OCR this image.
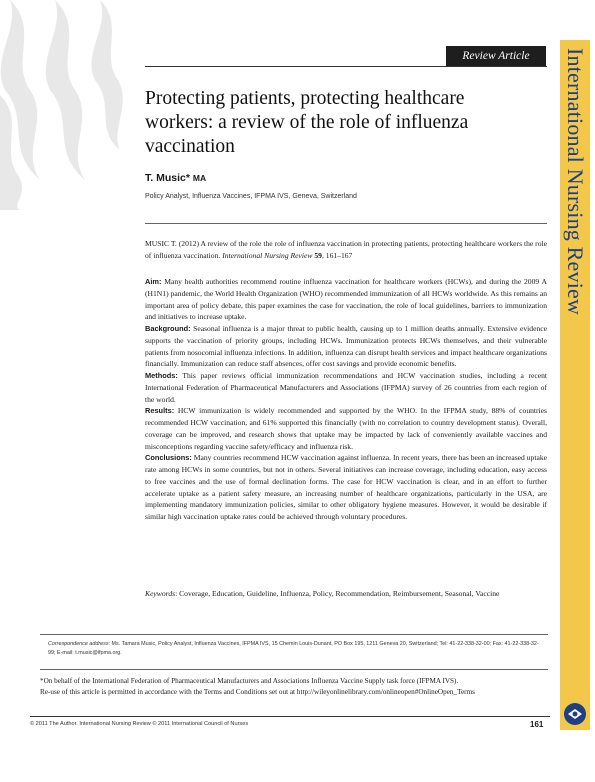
International Nursing Review
Review Article
Protecting patients, protecting healthcare workers: a review of the role of influenza vaccination
T. Music* MA
Policy Analyst, Influenza Vaccines, IFPMA IVS, Geneva, Switzerland
MUSIC T. (2012) A review of the role the role of influenza vaccination in protecting patients, protecting healthcare workers the role of influenza vaccination. International Nursing Review 59, 161–167

Aim: Many health authorities recommend routine influenza vaccination for healthcare workers (HCWs), and during the 2009 A (H1N1) pandemic, the World Health Organization (WHO) recommended immunization of all HCWs worldwide. As this remains an important area of policy debate, this paper examines the case for vaccination, the role of local guidelines, barriers to immunization and initiatives to increase uptake.

Background: Seasonal influenza is a major threat to public health, causing up to 1 million deaths annually. Extensive evidence supports the vaccination of priority groups, including HCWs. Immunization protects HCWs themselves, and their vulnerable patients from nosocomial influenza infections. In addition, influenza can disrupt health services and impact healthcare organizations financially. Immunization can reduce staff absences, offer cost savings and provide economic benefits.

Methods: This paper reviews official immunization recommendations and HCW vaccination studies, including a recent International Federation of Pharmaceutical Manufacturers and Associations (IFPMA) survey of 26 countries from each region of the world.

Results: HCW immunization is widely recommended and supported by the WHO. In the IFPMA study, 88% of countries recommended HCW vaccination, and 61% supported this financially (with no correlation to country development status). Overall, coverage can be improved, and research shows that uptake may be impacted by lack of conveniently available vaccines and misconceptions regarding vaccine safety/efficacy and influenza risk.

Conclusions: Many countries recommend HCW vaccination against influenza. In recent years, there has been an increased uptake rate among HCWs in some countries, but not in others. Several initiatives can increase coverage, including education, easy access to free vaccines and the use of formal declination forms. The case for HCW vaccination is clear, and in an effort to further accelerate uptake as a patient safety measure, an increasing number of healthcare organizations, particularly in the USA, are implementing mandatory immunization policies, similar to other obligatory hygiene measures. However, it would be desirable if similar high vaccination uptake rates could be achieved through voluntary procedures.

Keywords: Coverage, Education, Guideline, Influenza, Policy, Recommendation, Reimbursement, Seasonal, Vaccine
Correspondence address: Ms. Tamara Music, Policy Analyst, Influenza Vaccines, IFPMA IVS, 15 Chemin Louis-Dunant, PO Box 195, 1211 Geneva 20, Switzerland; Tel: 41-22-338-32-00; Fax: 41-22-338-32-99; E-mail: t.music@ifpma.org.
*On behalf of the International Federation of Pharmaceutical Manufacturers and Associations Influenza Vaccine Supply task force (IFPMA IVS).
Re-use of this article is permitted in accordance with the Terms and Conditions set out at http://wileyonlinelibrary.com/onlineopen#OnlineOpen_Terms
© 2011 The Author. International Nursing Review © 2011 International Council of Nurses	161
